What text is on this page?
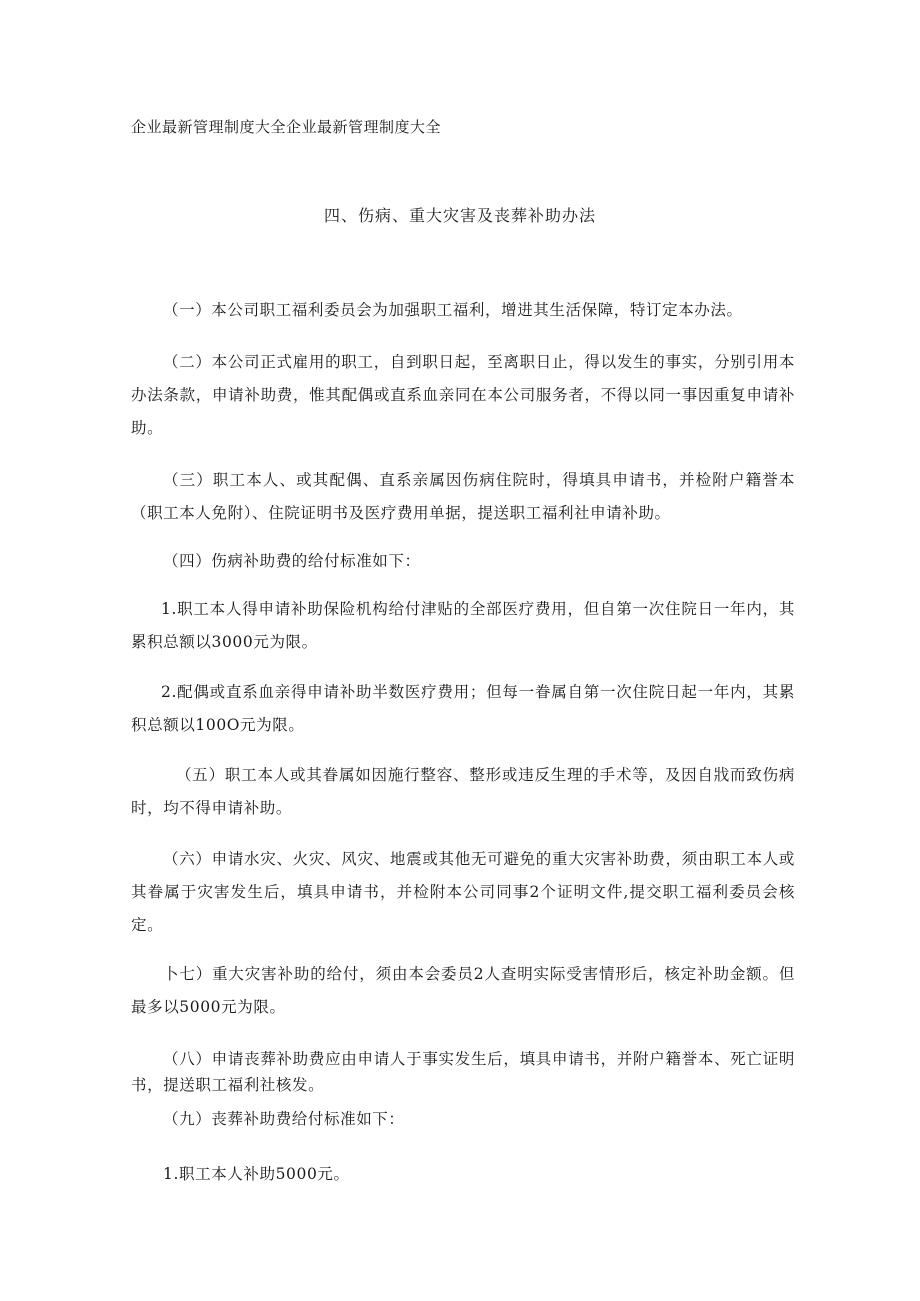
企业最新管理制度大全企业最新管理制度大全
四、伤病、重大灾害及丧葬补助办法
（一）本公司职工福利委员会为加强职工福利，增进其生活保障，特订定本办法。
（二）本公司正式雇用的职工，自到职日起，至离职日止，得以发生的事实，分别引用本办法条款，申请补助费，惟其配偶或直系血亲同在本公司服务者，不得以同一事因重复申请补助。
（三）职工本人、或其配偶、直系亲属因伤病住院时，得填具申请书，并检附户籍誉本（职工本人免附）、住院证明书及医疗费用单据，提送职工福利社申请补助。
（四）伤病补助费的给付标准如下：
1.职工本人得申请补助保险机构给付津贴的全部医疗费用，但自第一次住院日一年内，其累积总额以3000元为限。
2.配偶或直系血亲得申请补助半数医疗费用；但每一眷属自第一次住院日起一年内，其累积总额以100O元为限。
（五）职工本人或其眷属如因施行整容、整形或违反生理的手术等，及因自戕而致伤病时，均不得申请补助。
（六）申请水灾、火灾、风灾、地震或其他无可避免的重大灾害补助费，须由职工本人或其眷属于灾害发生后，填具申请书，并检附本公司同事2个证明文件,提交职工福利委员会核定。
卜七）重大灾害补助的给付，须由本会委员2人查明实际受害情形后，核定补助金额。但最多以5000元为限。
（八）申请丧葬补助费应由申请人于事实发生后，填具申请书，并附户籍誉本、死亡证明书，提送职工福利社核发。
（九）丧葬补助费给付标准如下：
1.职工本人补助5000元。
